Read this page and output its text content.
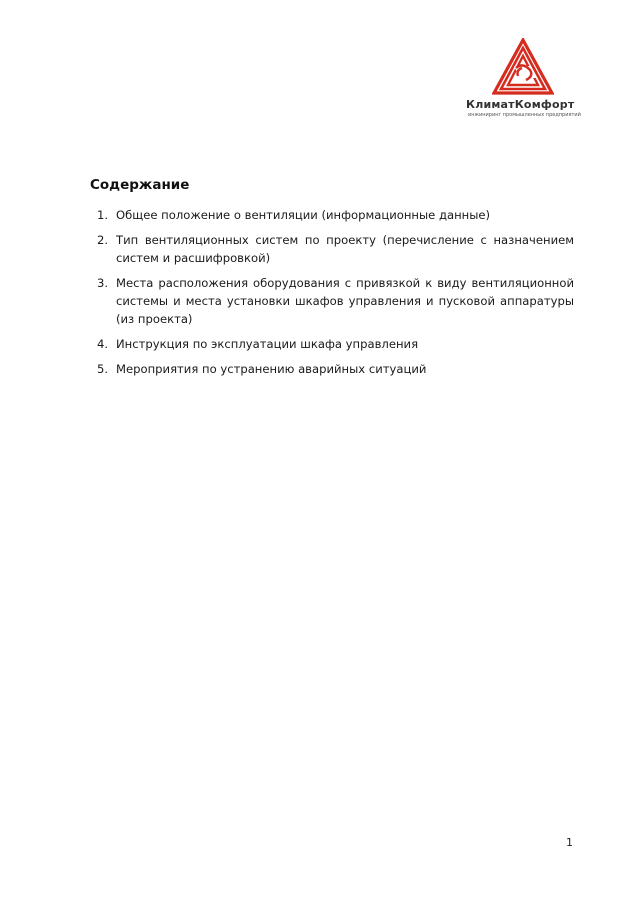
КлиматКомфорт
инжиниринг промышленных предприятий
Содержание
1. Общее положение о вентиляции (информационные данные)
2. Тип вентиляционных систем по проекту (перечисление с назначением систем и расшифровкой)
3. Места расположения оборудования с привязкой к виду вентиляционной системы и места установки шкафов управления и пусковой аппаратуры (из проекта)
4. Инструкция по эксплуатации шкафа управления
5. Мероприятия по устранению аварийных ситуаций
1
